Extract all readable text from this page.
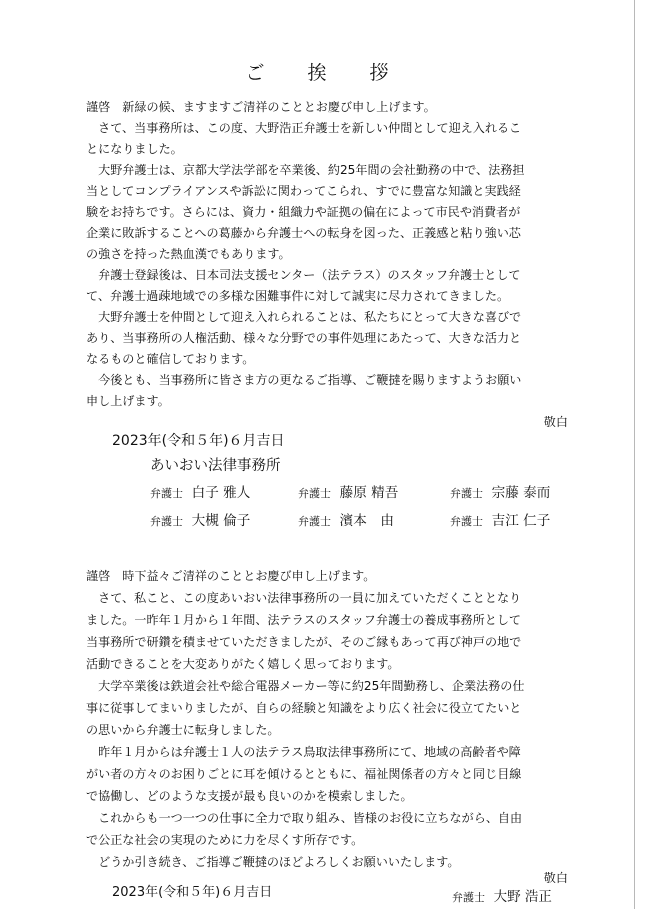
ご　挨　拶
謹啓　新緑の候、ますますご清祥のこととお慶び申し上げます。
　さて、当事務所は、この度、大野浩正弁護士を新しい仲間として迎え入れるこ
とになりました。
　大野弁護士は、京都大学法学部を卒業後、約25年間の会社勤務の中で、法務担
当としてコンプライアンスや訴訟に関わってこられ、すでに豊富な知識と実践経
験をお持ちです。さらには、資力・組織力や証拠の偏在によって市民や消費者が
企業に敗訴することへの葛藤から弁護士への転身を図った、正義感と粘り強い芯
の強さを持った熱血漢でもあります。
　弁護士登録後は、日本司法支援センター（法テラス）のスタッフ弁護士として
て、弁護士過疎地域での多様な困難事件に対して誠実に尽力されてきました。
　大野弁護士を仲間として迎え入れられることは、私たちにとって大きな喜びで
あり、当事務所の人権活動、様々な分野での事件処理にあたって、大きな活力と
なるものと確信しております。
　今後とも、当事務所に皆さま方の更なるご指導、ご鞭撻を賜りますようお願い
申し上げます。
敬白
2023年(令和５年)６月吉日
あいおい法律事務所
弁護士 白子 雅人	弁護士 藤原 精吾	弁護士 宗藤 泰而
弁護士 大槻 倫子	弁護士 濱本　由	弁護士 吉江 仁子
謹啓　時下益々ご清祥のこととお慶び申し上げます。
　さて、私こと、この度あいおい法律事務所の一員に加えていただくこととなり
ました。一昨年１月から１年間、法テラスのスタッフ弁護士の養成事務所として
当事務所で研鑽を積ませていただきましたが、そのご縁もあって再び神戸の地で
活動できることを大変ありがたく嬉しく思っております。
　大学卒業後は鉄道会社や総合電器メーカー等に約25年間勤務し、企業法務の仕
事に従事してまいりましたが、自らの経験と知識をより広く社会に役立てたいと
の思いから弁護士に転身しました。
　昨年１月からは弁護士１人の法テラス鳥取法律事務所にて、地域の高齢者や障
がい者の方々のお困りごとに耳を傾けるとともに、福祉関係者の方々と同じ目線
で協働し、どのような支援が最も良いのかを模索しました。
　これからも一つ一つの仕事に全力で取り組み、皆様のお役に立ちながら、自由
で公正な社会の実現のために力を尽くす所存です。
　どうか引き続き、ご指導ご鞭撻のほどよろしくお願いいたします。
敬白
2023年(令和５年)６月吉日	弁護士 大野 浩正
